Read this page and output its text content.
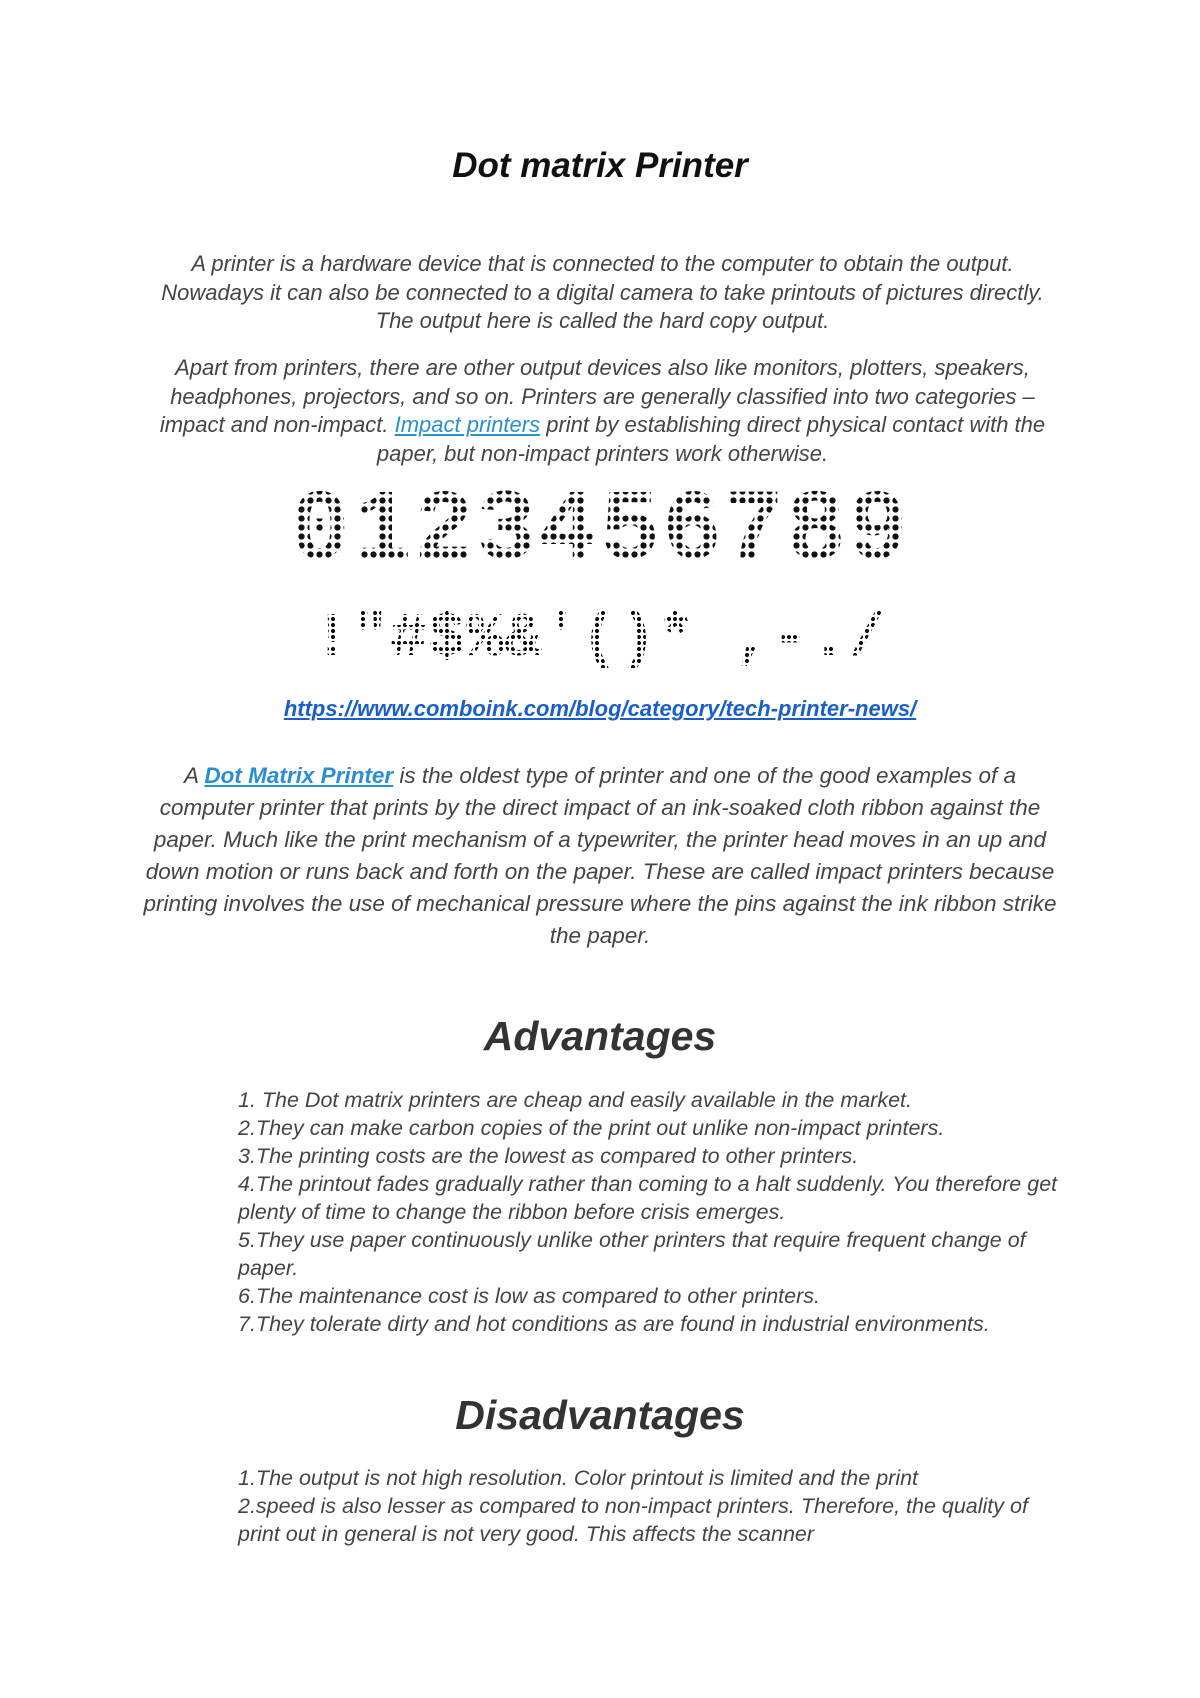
Dot matrix Printer
A printer is a hardware device that is connected to the computer to obtain the output. Nowadays it can also be connected to a digital camera to take printouts of pictures directly. The output here is called the hard copy output.
Apart from printers, there are other output devices also like monitors, plotters, speakers, headphones, projectors, and so on. Printers are generally classified into two categories – impact and non-impact. Impact printers print by establishing direct physical contact with the paper, but non-impact printers work otherwise.
0123456789
!"#$%&'()* ,-./
https://www.comboink.com/blog/category/tech-printer-news/
A Dot Matrix Printer is the oldest type of printer and one of the good examples of a computer printer that prints by the direct impact of an ink-soaked cloth ribbon against the paper. Much like the print mechanism of a typewriter, the printer head moves in an up and down motion or runs back and forth on the paper. These are called impact printers because printing involves the use of mechanical pressure where the pins against the ink ribbon strike the paper.
Advantages
1. The Dot matrix printers are cheap and easily available in the market.
2.They can make carbon copies of the print out unlike non-impact printers.
3.The printing costs are the lowest as compared to other printers.
4.The printout fades gradually rather than coming to a halt suddenly. You therefore get plenty of time to change the ribbon before crisis emerges.
5.They use paper continuously unlike other printers that require frequent change of paper.
6.The maintenance cost is low as compared to other printers.
7.They tolerate dirty and hot conditions as are found in industrial environments.
Disadvantages
1.The output is not high resolution. Color printout is limited and the print
2.speed is also lesser as compared to non-impact printers. Therefore, the quality of print out in general is not very good. This affects the scanner
